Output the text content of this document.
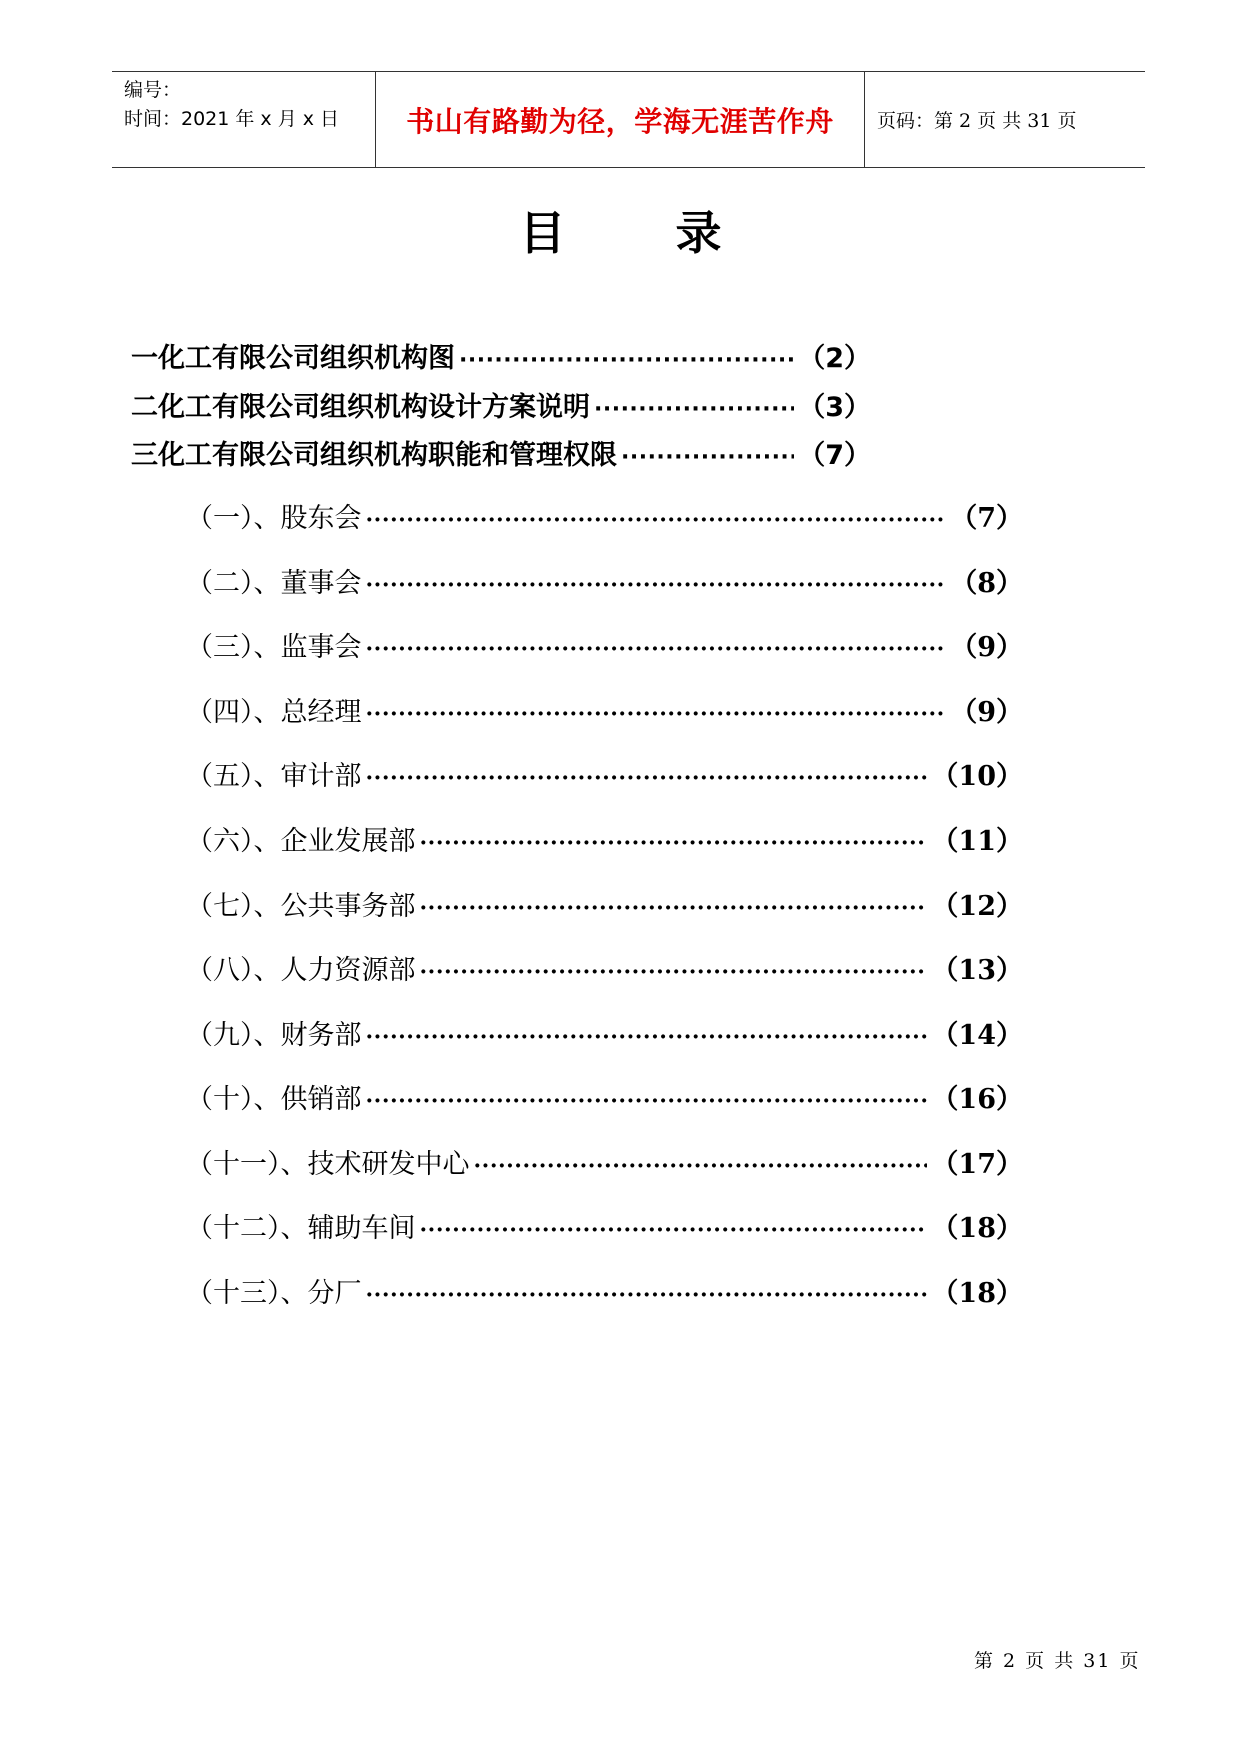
编号：
时间：2021 年 x 月 x 日	书山有路勤为径，学海无涯苦作舟	页码：第 2 页 共 31 页
目录
一 化工有限公司组织机构图 ·····	（2）
二 化工有限公司组织机构设计方案说明 ·····	（3）
三 化工有限公司组织机构职能和管理权限 ·····	（7）
（一）、股东会 ·····	（7）
（二）、董事会 ·····	（8）
（三）、监事会 ·····	（9）
（四）、总经理 ·····	（9）
（五）、审计部 ·····	（10）
（六）、企业发展部 ·····	（11）
（七）、公共事务部 ·····	（12）
（八）、人力资源部 ·····	（13）
（九）、财务部 ·····	（14）
（十）、供销部 ·····	（16）
（十一）、技术研发中心 ·····	（17）
（十二）、辅助车间 ·····	（18）
（十三）、分厂 ·····	（18）
第 2 页 共 31 页
